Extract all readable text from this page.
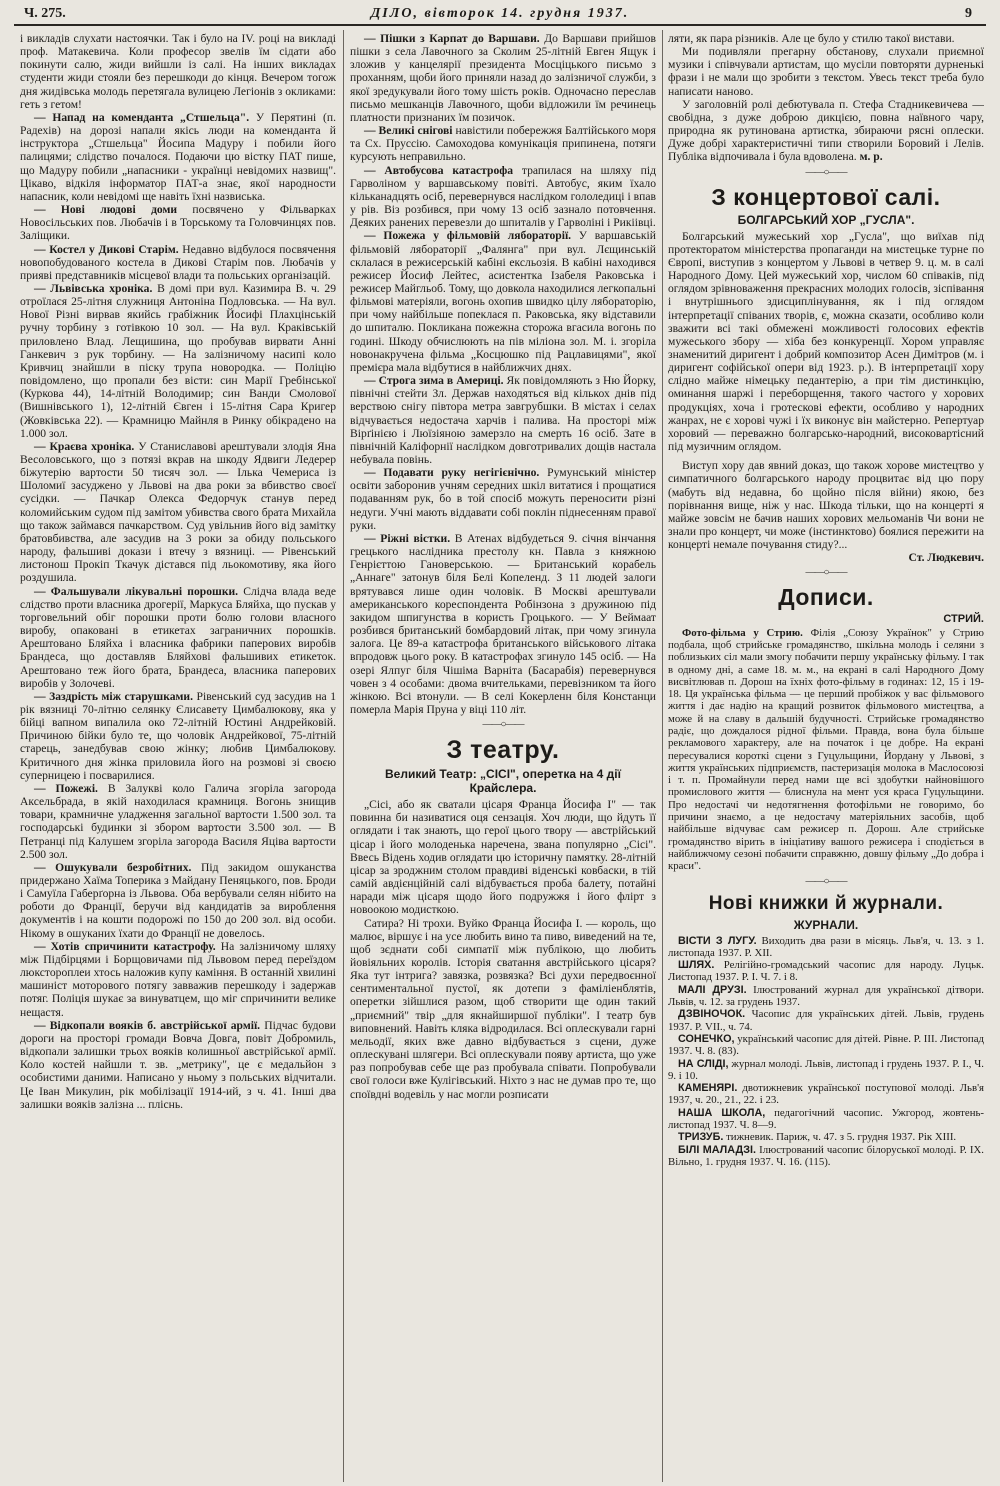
Ч. 275.	ДІЛО, вівторок 14. грудня 1937.	9

і викладів слухати настоячки. Так і було на IV. році на викладі проф. Матакевича. Коли професор звелів їм сідати або покинути салю, жиди вийшли із салі. На інших викладах студенти жиди стояли без перешкоди до кінця. Вечером тогож дня жидівська молодь перетягала вулицею Легіонів з окликами: геть з гетом!

— Напад на коменданта „Стшельца". У Перятині (п. Радехів) на дорозі напали якісь люди на коменданта й інструктора „Стшельца" Йосипа Мадуру і побили його палицями; слідство почалося. Подаючи цю вістку ПАТ пише, що Мадуру побили „напасники - українці невідомих назвищ". Цікаво, відкіля інформатор ПАТ-а знає, якої народности напасник, коли невідомі ще навіть їхні назвиська.

— Нові людові доми посвячено у Фільварках Новосільських пов. Любачів і в Торському та Головчинцях пов. Заліщики.

— Костел у Дикові Старім. Недавно відбулося посвячення новопобудованого костела в Дикові Старім пов. Любачів у прияві представників місцевої влади та польських організацій.

— Львівська хроніка. В домі при вул. Казимира В. ч. 29 отроїлася 25-літня служниця Антоніна Подловська. — На вул. Нової Різні вирвав якийсь грабіжник Йосифі Плахцінській ручну торбину з готівкою 10 зол. — На вул. Краківській приловлено Влад. Лещишина, що пробував вирвати Анні Ганкевич з рук торбину. — На залізничому насипі коло Кривчиц знайшли в піску трупа новородка. — Поліцію повідомлено, що пропали без вісти: син Марії Гребінської (Куркова 44), 14-літній Володимир; син Ванди Смолової (Вишнівського 1), 12-літній Євген і 15-літня Сара Кригер (Жовківська 22). — Крамницю Майнля в Ринку обікрадено на 1.000 зол.

— Краєва хроніка. У Станиславові арештували злодія Яна Весоловського, що з потязі вкрав на шкоду Ядвиги Ледерер біжутерію вартости 50 тисяч зол. — Ілька Чемериса із Шоломиї засуджено у Львові на два роки за вбивство своєї сусідки. — Пачкар Олекса Федорчук станув перед коломийським судом під замітом убивства свого брата Михайла що також займався пачкарством. Суд увільнив його від замітку братовбивства, але засудив на 3 роки за обиду польського народу, фальшиві докази і втечу з вязниці. — Рівенський листонош Прокіп Ткачук дістався під льокомотиву, яка його роздушила.

— Фальшували лікувальні порошки. Слідча влада веде слідство проти власника дрогерії, Маркуса Бляйха, що пускав у торговельний обіг порошки проти болю голови власного виробу, опаковані в етикетах заграничних порошків. Арештовано Бляйха і власника фабрики паперових виробів Брандеса, що доставляв Бляйхові фальшивих етикеток. Арештовано теж його брата, Брандеса, власника паперових виробів у Золочеві.

— Заздрість між старушками. Рівенський суд засудив на 1 рік вязниці 70-літню селянку Єлисавету Цимбалюкову, яка у бійці вапном випалила око 72-літній Юстині Андрейковій. Причиною бійки було те, що чоловік Андрейкової, 75-літній старець, занедбував свою жінку; любив Цимбалюкову. Критичного дня жінка приловила його на розмові зі своєю суперницею і посварилися.

— Пожежі. В Залукві коло Галича згоріла загорода Аксельбрада, в якій находилася крамниця. Вогонь знищив товари, крамничне уладження загальної вартости 1.500 зол. та господарські будинки зі збором вартости 3.500 зол. — В Петранці під Калушем згоріла загорода Василя Яціва вартости 2.500 зол.

— Ошукували безробітних. Під закидом ошуканства придержано Хаїма Топерика з Майдану Пеняцького, пов. Броди і Самуїла Габерґорна із Львова. Оба вербували селян нібито на роботи до Франції, беручи від кандидатів за вироблення документів і на кошти подорожі по 150 до 200 зол. від особи. Нікому в ошуканих їхати до Франції не довелось.

— Хотів спричинити катастрофу. На залізничому шляху між Підбірцями і Борщовичами під Львовом перед переїздом люкстороплеи хтось наложив купу каміння. В останній хвилині машиніст моторового потягу завважив перешкоду і задержав потяг. Поліція шукає за винуватцем, що міг спричинити велике нещастя.

— Відкопали вояків б. австрійської армії. Підчас будови дороги на просторі громади Вовча Довга, повіт Добромиль, відкопали залишки трьох вояків колишньої австрійської армії. Коло костей найшли т. зв. „метрику", це є медальйон з особистими даними. Написано у ньому з польських відчитали. Це Іван Микулин, рік мобілізації 1914-ий, з ч. 41. Інші два залишки вояків залізна ... пліснь.

— Пішки з Карпат до Варшави. До Варшави прийшов пішки з села Лавочного за Сколим 25-літній Евген Ящук і зложив у канцелярії президента Мосціцького письмо з проханням, щоби його приняли назад до залізничої служби, з якої зредукували його тому шість років. Одночасно переслав письмо мешканців Лавочного, щоби відложили їм речинець платности признаних їм позичок.

— Великі снігові навістили побережжя Балтійського моря та Сх. Пруссію. Самоходова комунікація припинена, потяги курсують неправильно.

— Автобусова катастрофа трапилася на шляху під Гарволіном у варшавському повіті. Автобус, яким їхало кільканадцять осіб, перевернувся наслідком гололедиці і впав у рів. Віз розбився, при чому 13 осіб зазнало потовчення. Деяких ранених перевезли до шпиталів у Гарволіні і Рикіівці.

— Пожежа у фільмовій лябораторії. У варшавській фільмовій лябораторії „Фалянга" при вул. Лєщинській склалася в режисерській кабіні ексльозія. В кабіні находився режисер Йосиф Лейтес, асистентка Ізабеля Раковська і режисер Майгльоб. Тому, що довкола находилися легкопальні фільмові матеріяли, вогонь охопив швидко цілу лябораторію, при чому найбільше попеклася п. Раковська, яку відставили до шпиталю. Покликана пожежна сторожа вгасила вогонь по годині. Шкоду обчислюють на пів міліона зол. М. і. згоріла новонакручена фільма „Косцюшко під Рацлавицями", якої премієра мала відбутися в найближчих днях.

— Строга зима в Америці. Як повідомляють з Ню Йорку, північні стейти Зл. Держав находяться від кількох днів під верствою снігу півтора метра завгрубшки. В містах і селах відчувається недостача харчів і палива. На просторі між Вірґінією і Люїзіяною замерзло на смерть 16 осіб. Зате в північній Каліфорнії наслідком довготривалих дощів настала небувала повінь.

— Подавати руку негігієнічно. Румунський міністер освіти заборонив учням середних шкіл витатися і прощатися подаванням рук, бо в той спосіб можуть переносити різні недуги. Учні мають віддавати собі поклін піднесенням правої руки.

— Ріжні вістки. В Атенах відбудеться 9. січня вінчання грецького наслідника престолу кн. Павла з княжною Генрієттою Гановерською. — Британський корабель „Аннаге" затонув біля Белі Копеленд. З 11 людей залоги врятувався лише один чоловік. В Москві арештували американського кореспондента Робінзона з дружиною під закидом шпигунства в користь Гроцького. — У Веймаат розбився британський бомбардовий літак, при чому згинула залога. Це 89-а катастрофа британського військового літака впродовж цього року. В катастрофах згинуло 145 осіб. — На озері Ялпуг біля Чішіма Варніта (Басарабія) перевернувся човен з 4 особами: двома вчительками, перевізником та його жінкою. Всі втонули. — В селі Кокерленн біля Констанци померла Марія Пруна у віці 110 літ.

——○——
З театру.
Великий Театр: „СІСІ", оперетка на 4 дії Крайслера.

„Сісі, або як сватали цісаря Франца Йосифа І" — так повинна би називатися оця сензація. Хоч люди, що йдуть її оглядати і так знають, що герої цього твору — австрійський цісар і його молоденька наречена, звана популярно „Сісі". Ввесь Відень ходив оглядати цю історичну памятку. 28-літній цісар за зроджним столом правдиві віденські ковбаски, в тій самій авдієнційній салі відбувається проба балету, потайні наради між цісаря щодо його подружжя і його флірт з новоокою модисткою.

Сатира? Ні трохи. Вуйко Франца Йосифа І. — король, що малює, віршує і на усе любить вино та пиво, виведений на те, щоб зєднати собі симпатії між публікою, що любить йовіяльних королів. Історія сватання австрійського цісаря? Яка тут інтрига? завязка, розвязка? Всі духи передвоєнної сентиментальної пустої, як дотепи з фаміліенблятів, оперетки зійшлися разом, щоб створити ще один такий „приємний" твір „для якнайширшої публіки". І театр був виповнений. Навіть кляка відродилася. Всі оплескували гарні мельодії, яких вже давно відбувається з сцени, дуже оплескувані шлягери. Всі оплескували появу артиста, що уже раз попробував себе ще раз пробувала співати. Попробували свої голоси вже Кулігівський. Ніхто з нас не думав про те, що споївдні водевіль у нас могли розписати

ляти, як пара різників. Але це було у стилю такої вистави.

Ми подивляли прегарну обстанову, слухали приємної музики і співчували артистам, що мусіли повторяти дурненькі фрази і не мали що зробити з текстом. Увесь текст треба було написати наново.

У заголовній ролі дебютувала п. Стефа Стадникевичева — свобідна, з дуже доброю дикцією, повна наївного чару, природна як рутинована артистка, збираючи рясні оплески. Дуже добрі характеристичні типи створили Боровий і Лелів. Публіка відпочивала і була вдоволена. м. р.

——○——
З концертової салі.
БОЛГАРСЬКИЙ ХОР „ГУСЛА".

Болгарський мужеський хор „Гусла", що виїхав під протекторатом міністерства пропаганди на мистецьке турне по Європі, виступив з концертом у Львові в четвер 9. ц. м. в салі Народного Дому. Цей мужеський хор, числом 60 співаків, під оглядом зрівноваження прекрасних молодих голосів, зіспівання і внутрішнього здисциплінування, як і під оглядом інтерпретації співаних творів, є, можна сказати, особливо коли зважити всі такі обмежені можливості голосових ефектів мужеського збору — хіба без конкуренції. Хором управляє знаменитий диригент і добрий композитор Асен Димітров (м. і диригент софійської опери від 1923. р.). В інтерпретації хору слідно майже німецьку педантерію, а при тім дистинкцію, оминання шаржі і переборщення, такого частого у хорових продукціях, хоча і гротескові ефекти, особливо у народних жанрах, не є хорові чужі і їх виконує він майстерно. Репертуар хоровий — переважно болгарсько-народний, високовартісний під музичним оглядом.

Виступ хору дав явний доказ, що також хорове мистецтво у симпатичного болгарського народу процвитає від цю пору (мабуть від недавна, бо щойно після війни) якою, без порівнання вище, ніж у нас. Шкода тільки, що на концерті я майже зовсім не бачив наших хорових мельоманів Чи вони не знали про концерт, чи може (інстинктово) боялися пережити на концерті немале почування стиду?...

Ст. Людкевич.
——○——
Дописи.
СТРИЙ.

Фото-фільма у Стрию. Філія „Союзу Українок" у Стрию подбала, щоб стрийське громадянство, шкільна молодь і селяни з поблизьких сіл мали змогу побачити першу українську фільму. І так в одному дні, а саме 18. м. м., на екрані в салі Народного Дому висвітлював п. Дорош на їхніх фото-фільму в годинах: 12, 15 і 19-18. Ця українська фільма — це перший пробіжок у вас фільмового життя і дає надію на кращий розвиток фільмового мистецтва, а може й на славу в дальшій будучності. Стрийське громадянство радіє, що дождалося рідної фільми. Правда, вона була більше рекламового характеру, але на початок і це добре. На екрані пересувалися короткі сцени з Гуцульщини, Йордану у Львові, з життя українських підприємств, пастеризація молока в Маслосоюзі і т. п. Промайнули перед нами ще всі здобутки найновішого промислового життя — блиснула на мент уся краса Гуцульщини. Про недостачі чи недотягнення фотофільми не говоримо, бо причини знаємо, а це недостачу матеріяльних засобів, щоб найбільше відчуває сам режисер п. Дорош. Але стрийське громадянство вірить в ініціативу вашого режисера і сподіється в найближчому сезоні побачити справжню, довшу фільму „До добра і краси".

——○——
Нові книжки й журнали.
ЖУРНАЛИ.

ВІСТИ З ЛУГУ. Виходить два рази в місяць. Льв'я, ч. 13. з 1. листопада 1937. Р. XII.

ШЛЯХ. Релігійно-громадський часопис для народу. Луцьк. Листопад 1937. Р. І. Ч. 7. і 8.

МАЛІ ДРУЗІ. Ілюстрований журнал для української дітвори. Львів, ч. 12. за грудень 1937.

ДЗВІНОЧОК. Часопис для українських дітей. Львів, грудень 1937. Р. VII., ч. 74.

СОНЕЧКО, український часопис для дітей. Рівне. Р. ІІІ. Листопад 1937. Ч. 8. (83).

НА СЛІДІ, журнал молоді. Львів, листопад і грудень 1937. Р. І., Ч. 9. і 10.

КАМЕНЯРІ. двотижневик української поступової молоді. Льв'я 1937, ч. 20., 21., 22. і 23.

НАША ШКОЛА, педагогічний часопис. Ужгород, жовтень-листопад 1937. Ч. 8—9.

ТРИЗУБ. тижневик. Париж, ч. 47. з 5. грудня 1937. Рік XIII.

БІЛІ МАЛАДЗІ. Ілюстрований часопис білоруської молоді. Р. IX. Вільно, 1. грудня 1937. Ч. 16. (115).
